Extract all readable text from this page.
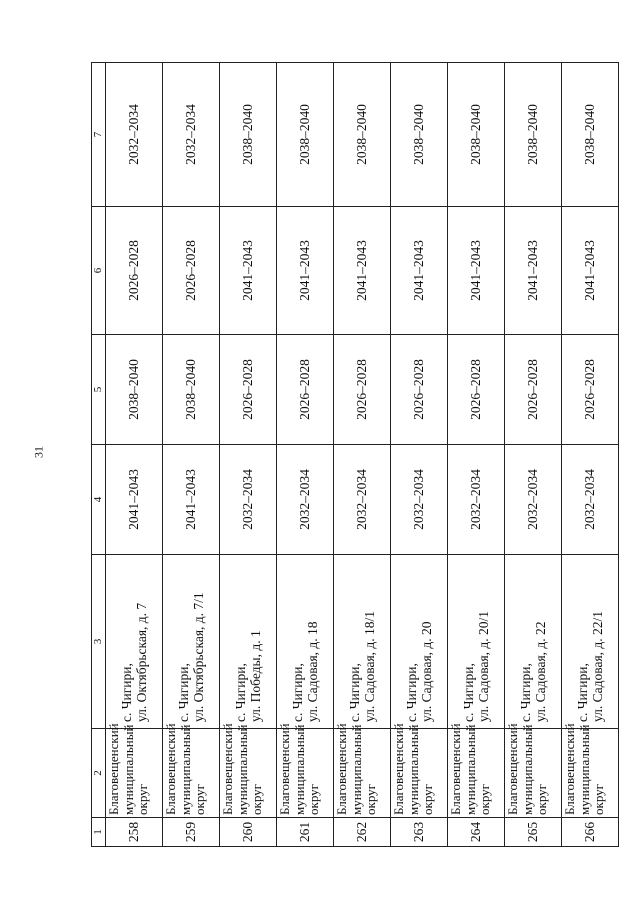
31
1	2	3	4	5	6	7
258	Благовещенский муниципальный округ	с. Чигири, ул. Октябрьская, д. 7	2041–2043	2038–2040	2026–2028	2032–2034
259	Благовещенский муниципальный округ	с. Чигири, ул. Октябрьская, д. 7/1	2041–2043	2038–2040	2026–2028	2032–2034
260	Благовещенский муниципальный округ	с. Чигири, ул. Победы, д. 1	2032–2034	2026–2028	2041–2043	2038–2040
261	Благовещенский муниципальный округ	с. Чигири, ул. Садовая, д. 18	2032–2034	2026–2028	2041–2043	2038–2040
262	Благовещенский муниципальный округ	с. Чигири, ул. Садовая, д. 18/1	2032–2034	2026–2028	2041–2043	2038–2040
263	Благовещенский муниципальный округ	с. Чигири, ул. Садовая, д. 20	2032–2034	2026–2028	2041–2043	2038–2040
264	Благовещенский муниципальный округ	с. Чигири, ул. Садовая, д. 20/1	2032–2034	2026–2028	2041–2043	2038–2040
265	Благовещенский муниципальный округ	с. Чигири, ул. Садовая, д. 22	2032–2034	2026–2028	2041–2043	2038–2040
266	Благовещенский муниципальный округ	с. Чигири, ул. Садовая, д. 22/1	2032–2034	2026–2028	2041–2043	2038–2040
